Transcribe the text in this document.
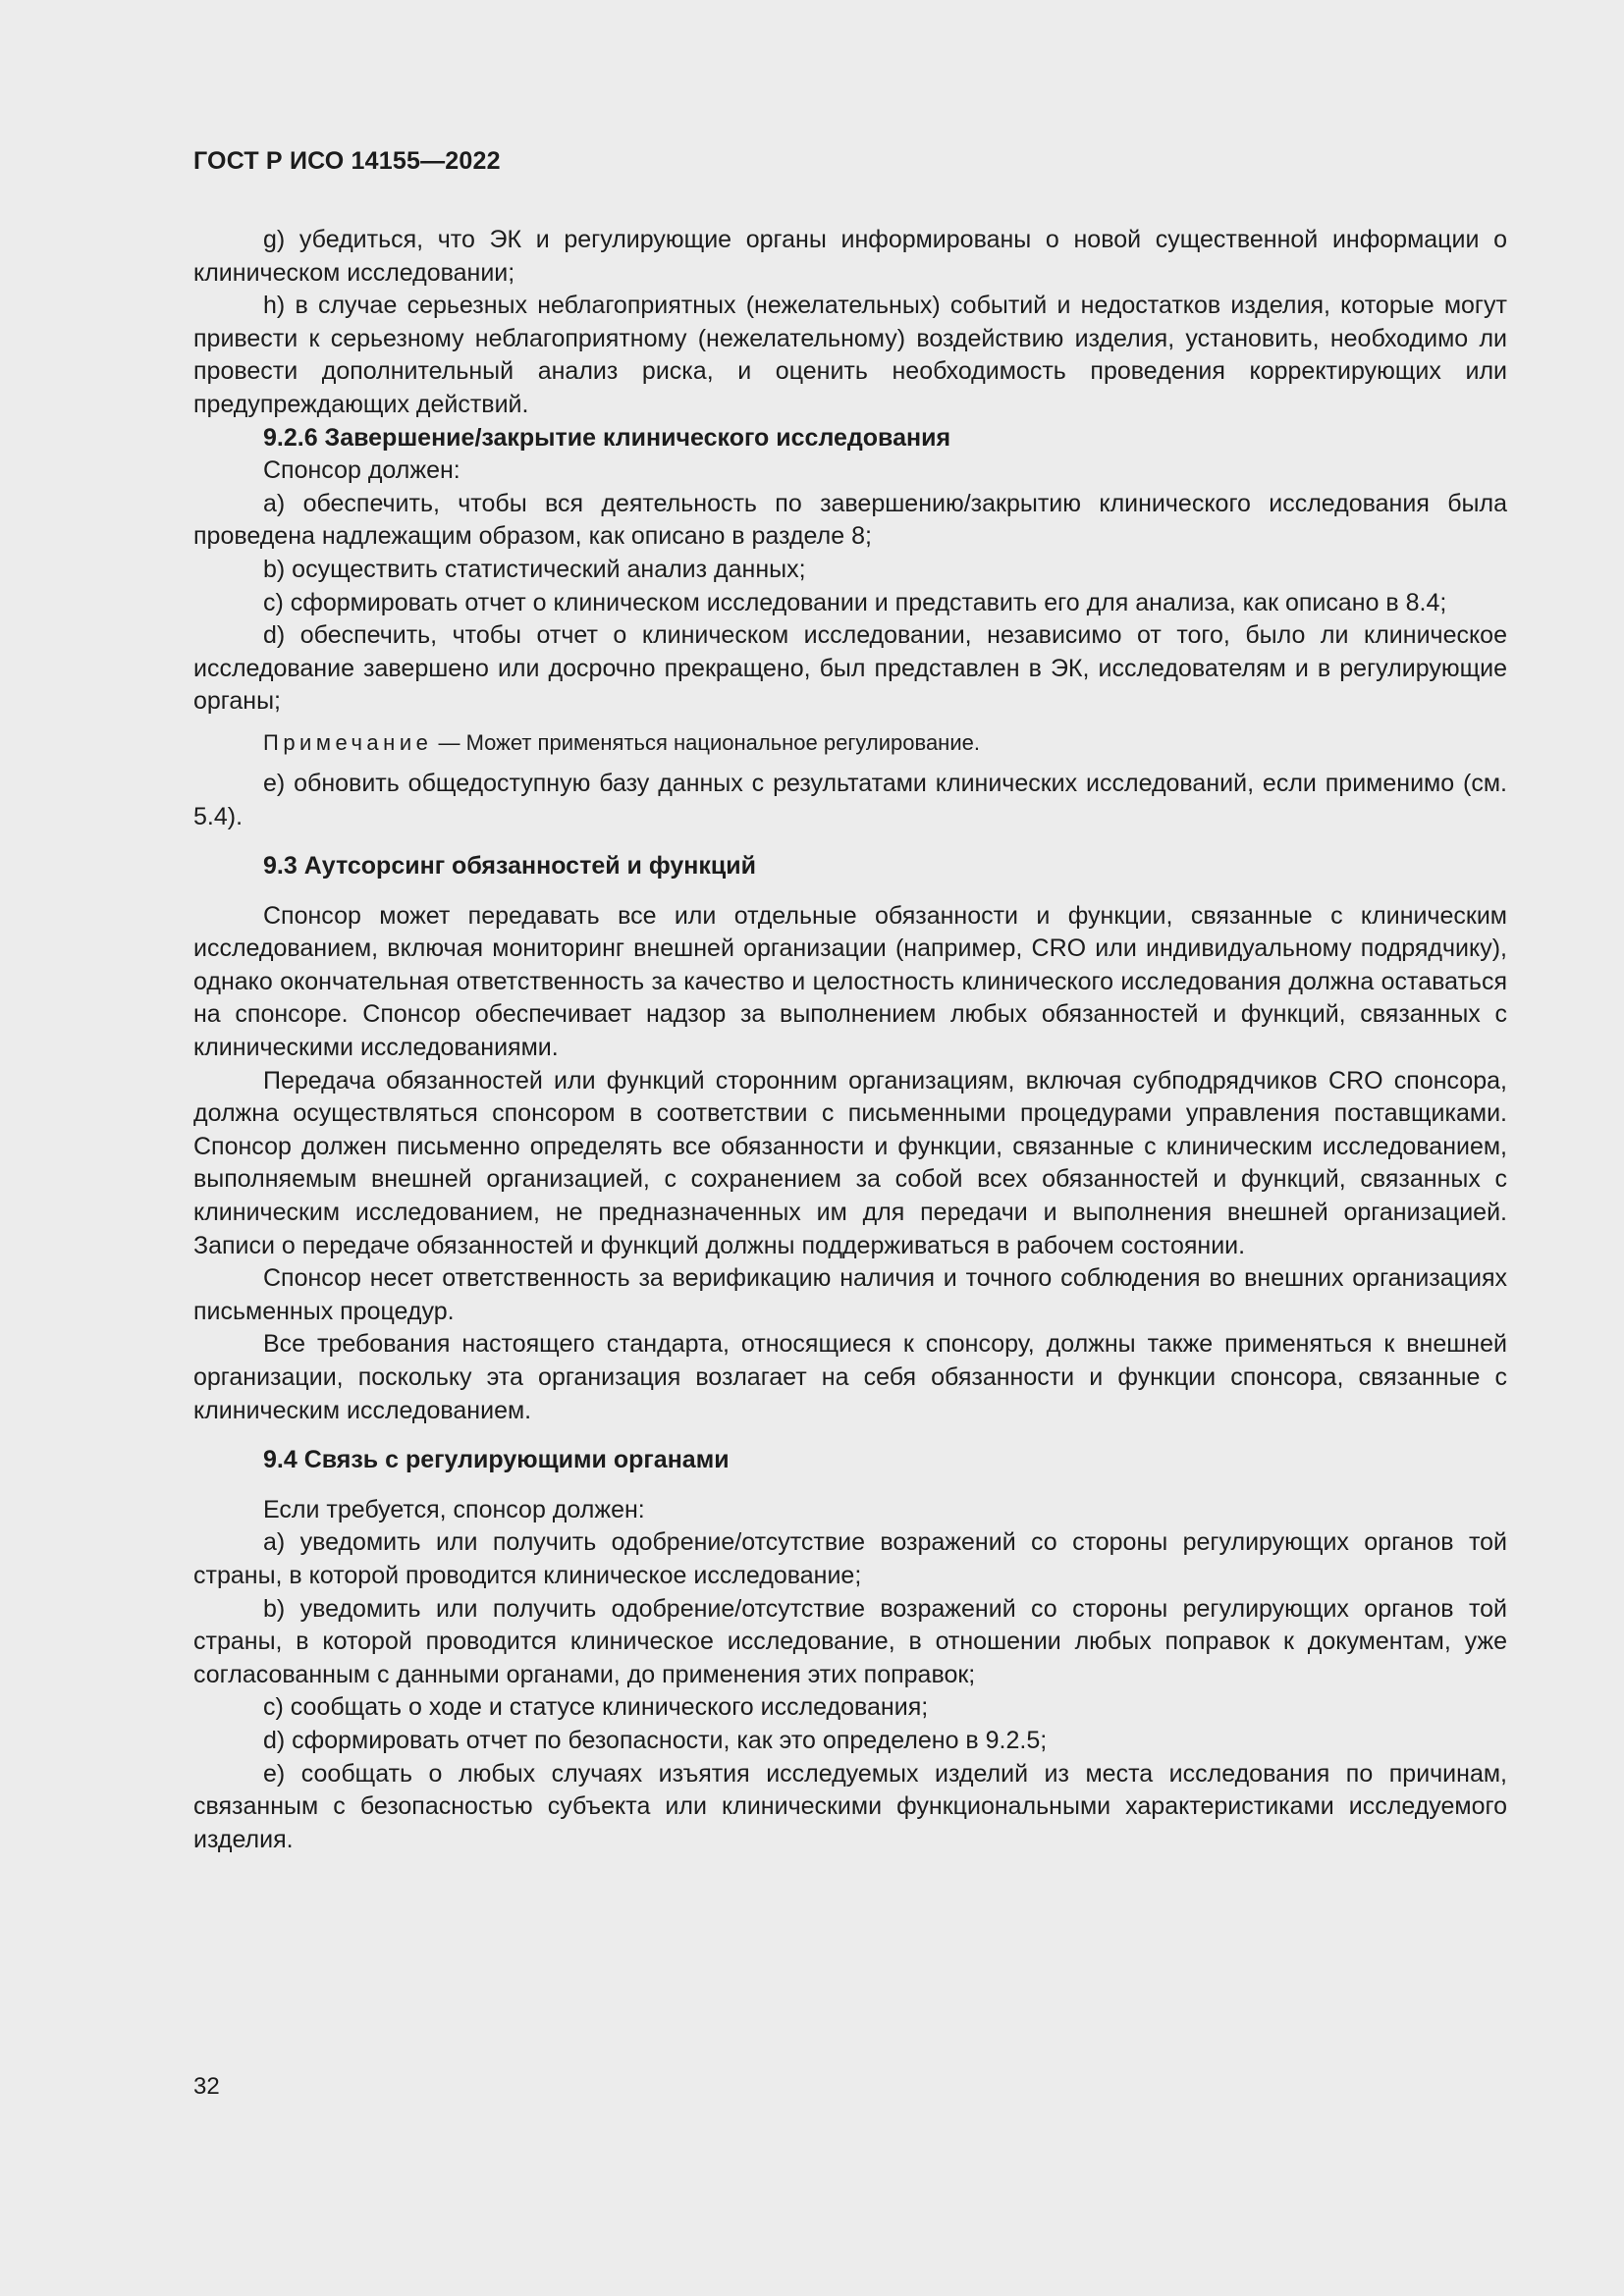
ГОСТ Р ИСО 14155—2022

g) убедиться, что ЭК и регулирующие органы информированы о новой существенной информации о клиническом исследовании;

h) в случае серьезных неблагоприятных (нежелательных) событий и недостатков изделия, которые могут привести к серьезному неблагоприятному (нежелательному) воздействию изделия, установить, необходимо ли провести дополнительный анализ риска, и оценить необходимость проведения корректирующих или предупреждающих действий.

9.2.6 Завершение/закрытие клинического исследования

Спонсор должен:

a) обеспечить, чтобы вся деятельность по завершению/закрытию клинического исследования была проведена надлежащим образом, как описано в разделе 8;

b) осуществить статистический анализ данных;

c) сформировать отчет о клиническом исследовании и представить его для анализа, как описано в 8.4;

d) обеспечить, чтобы отчет о клиническом исследовании, независимо от того, было ли клиническое исследование завершено или досрочно прекращено, был представлен в ЭК, исследователям и в регулирующие органы;

Примечание — Может применяться национальное регулирование.

e) обновить общедоступную базу данных с результатами клинических исследований, если применимо (см. 5.4).

9.3 Аутсорсинг обязанностей и функций

Спонсор может передавать все или отдельные обязанности и функции, связанные с клиническим исследованием, включая мониторинг внешней организации (например, CRO или индивидуальному подрядчику), однако окончательная ответственность за качество и целостность клинического исследования должна оставаться на спонсоре. Спонсор обеспечивает надзор за выполнением любых обязанностей и функций, связанных с клиническими исследованиями.

Передача обязанностей или функций сторонним организациям, включая субподрядчиков CRO спонсора, должна осуществляться спонсором в соответствии с письменными процедурами управления поставщиками. Спонсор должен письменно определять все обязанности и функции, связанные с клиническим исследованием, выполняемым внешней организацией, с сохранением за собой всех обязанностей и функций, связанных с клиническим исследованием, не предназначенных им для передачи и выполнения внешней организацией. Записи о передаче обязанностей и функций должны поддерживаться в рабочем состоянии.

Спонсор несет ответственность за верификацию наличия и точного соблюдения во внешних организациях письменных процедур.

Все требования настоящего стандарта, относящиеся к спонсору, должны также применяться к внешней организации, поскольку эта организация возлагает на себя обязанности и функции спонсора, связанные с клиническим исследованием.

9.4 Связь с регулирующими органами

Если требуется, спонсор должен:

a) уведомить или получить одобрение/отсутствие возражений со стороны регулирующих органов той страны, в которой проводится клиническое исследование;

b) уведомить или получить одобрение/отсутствие возражений со стороны регулирующих органов той страны, в которой проводится клиническое исследование, в отношении любых поправок к документам, уже согласованным с данными органами, до применения этих поправок;

c) сообщать о ходе и статусе клинического исследования;

d) сформировать отчет по безопасности, как это определено в 9.2.5;

e) сообщать о любых случаях изъятия исследуемых изделий из места исследования по причинам, связанным с безопасностью субъекта или клиническими функциональными характеристиками исследуемого изделия.

32
